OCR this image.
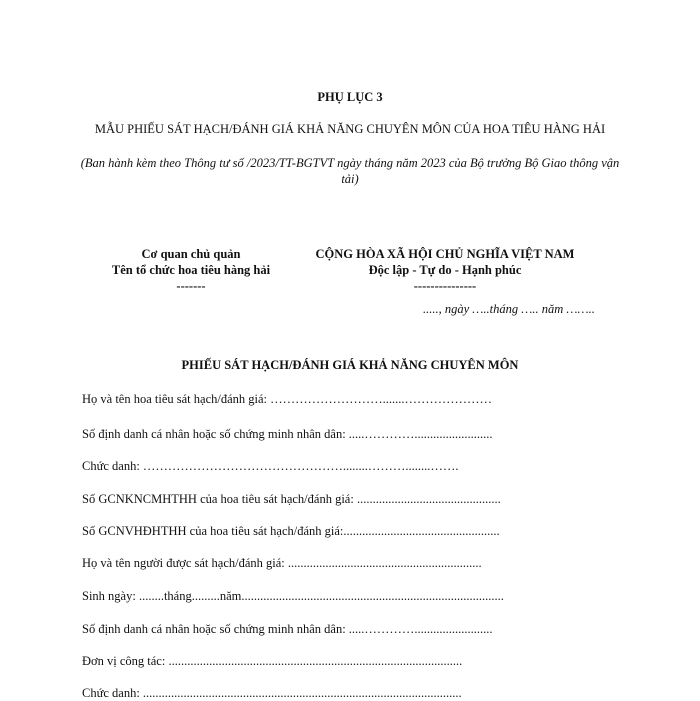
PHỤ LỤC 3
MẪU PHIẾU SÁT HẠCH/ĐÁNH GIÁ KHẢ NĂNG CHUYÊN MÔN CỦA HOA TIÊU HÀNG HẢI
(Ban hành kèm theo Thông tư số /2023/TT-BGTVT ngày tháng năm 2023 của Bộ trưởng Bộ Giao thông vận tải)
Cơ quan chủ quản
Tên tổ chức hoa tiêu hàng hải
-------
CỘNG HÒA XÃ HỘI CHỦ NGHĨA VIỆT NAM
Độc lập - Tự do - Hạnh phúc
---------------
....., ngày …..tháng ….. năm ……..
PHIẾU SÁT HẠCH/ĐÁNH GIÁ KHẢ NĂNG CHUYÊN MÔN
Họ và tên hoa tiêu sát hạch/đánh giá: ……………………….......…………………
Số định danh cá nhân hoặc số chứng minh nhân dân: .....………….........................
Chức danh: …………………………………………........………........…….
Số GCNKNCMHTHH của hoa tiêu sát hạch/đánh giá: ..............................................
Số GCNVHĐHTHH của hoa tiêu sát hạch/đánh giá:..................................................
Họ và tên người được sát hạch/đánh giá: ..............................................................
Sinh ngày: ........tháng.........năm....................................................................................
Số định danh cá nhân hoặc số chứng minh nhân dân: .....………….........................
Đơn vị công tác: ..............................................................................................
Chức danh: ......................................................................................................
